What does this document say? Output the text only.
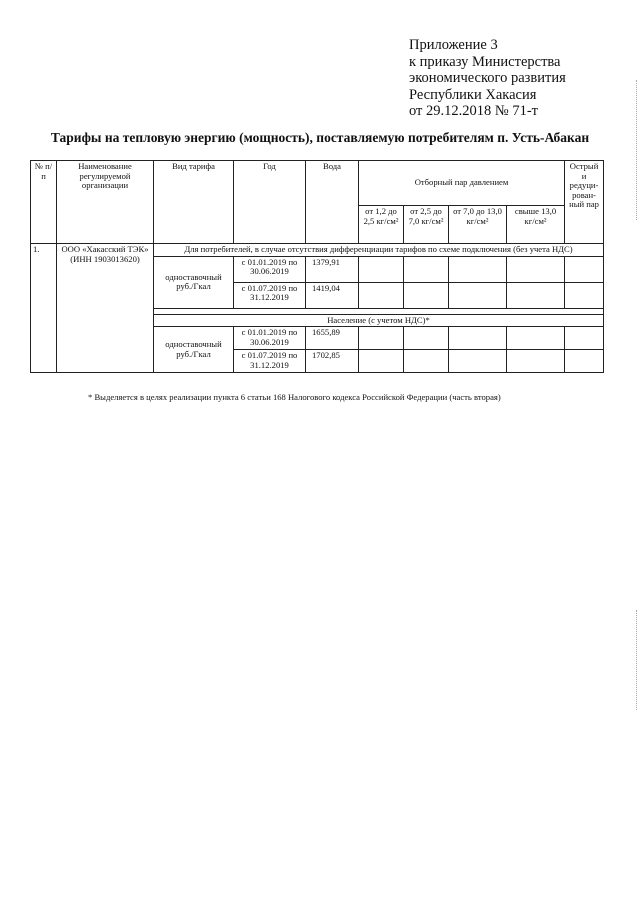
Приложение 3
к приказу Министерства
экономического развития
Республики Хакасия
от 29.12.2018 № 71-т
Тарифы на тепловую энергию (мощность), поставляемую потребителям п. Усть-Абакан
№ п/ п	Наименование регулируемой организации	Вид тарифа	Год	Вода	Отборный пар давлением				Острый и редуци- рован- ный пар
					от 1,2 до 2,5 кг/см²	от 2,5 до 7,0 кг/см²	от 7,0 до 13,0 кг/см²	свыше 13,0 кг/см²	
1.	ООО «Хакасский ТЭК» (ИНН 1903013620)	Для потребителей, в случае отсутствия дифференциации тарифов по схеме подключения (без учета НДС)							
		одноставочный руб./Гкал	с 01.01.2019 по 30.06.2019	1379,91					
			с 01.07.2019 по 31.12.2019	1419,04					

		Население (с учетом НДС)*							
		одноставочный руб./Гкал	с 01.01.2019 по 30.06.2019	1655,89					
			с 01.07.2019 по 31.12.2019	1702,85					
* Выделяется в целях реализации пункта 6 статьи 168 Налогового кодекса Российской Федерации (часть вторая)
